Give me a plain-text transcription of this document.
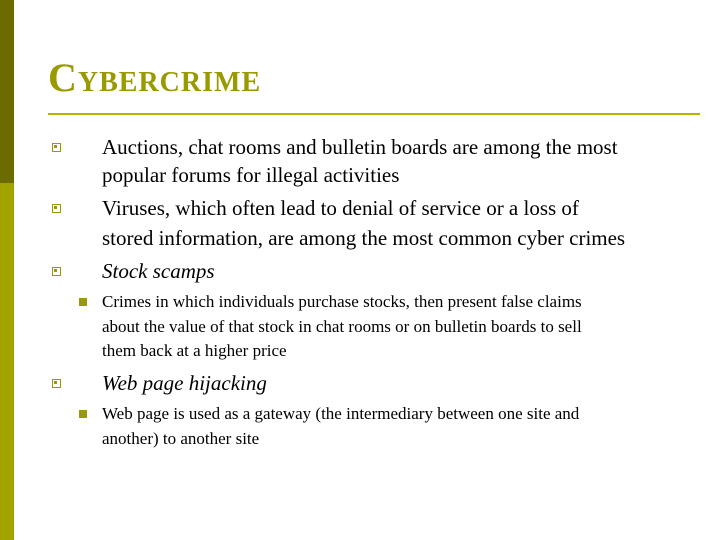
Cybercrime
Auctions, chat rooms and bulletin boards are among the most
popular forums for illegal activities
Viruses, which often lead to denial of service or a loss of
stored information, are among the most common cyber crimes
Stock scamps
Crimes in which individuals purchase stocks, then present false claims
about the value of that stock in chat rooms or on bulletin boards to sell
them back at a higher price
Web page hijacking
Web page is used as a gateway (the intermediary between one site and
another) to another site
